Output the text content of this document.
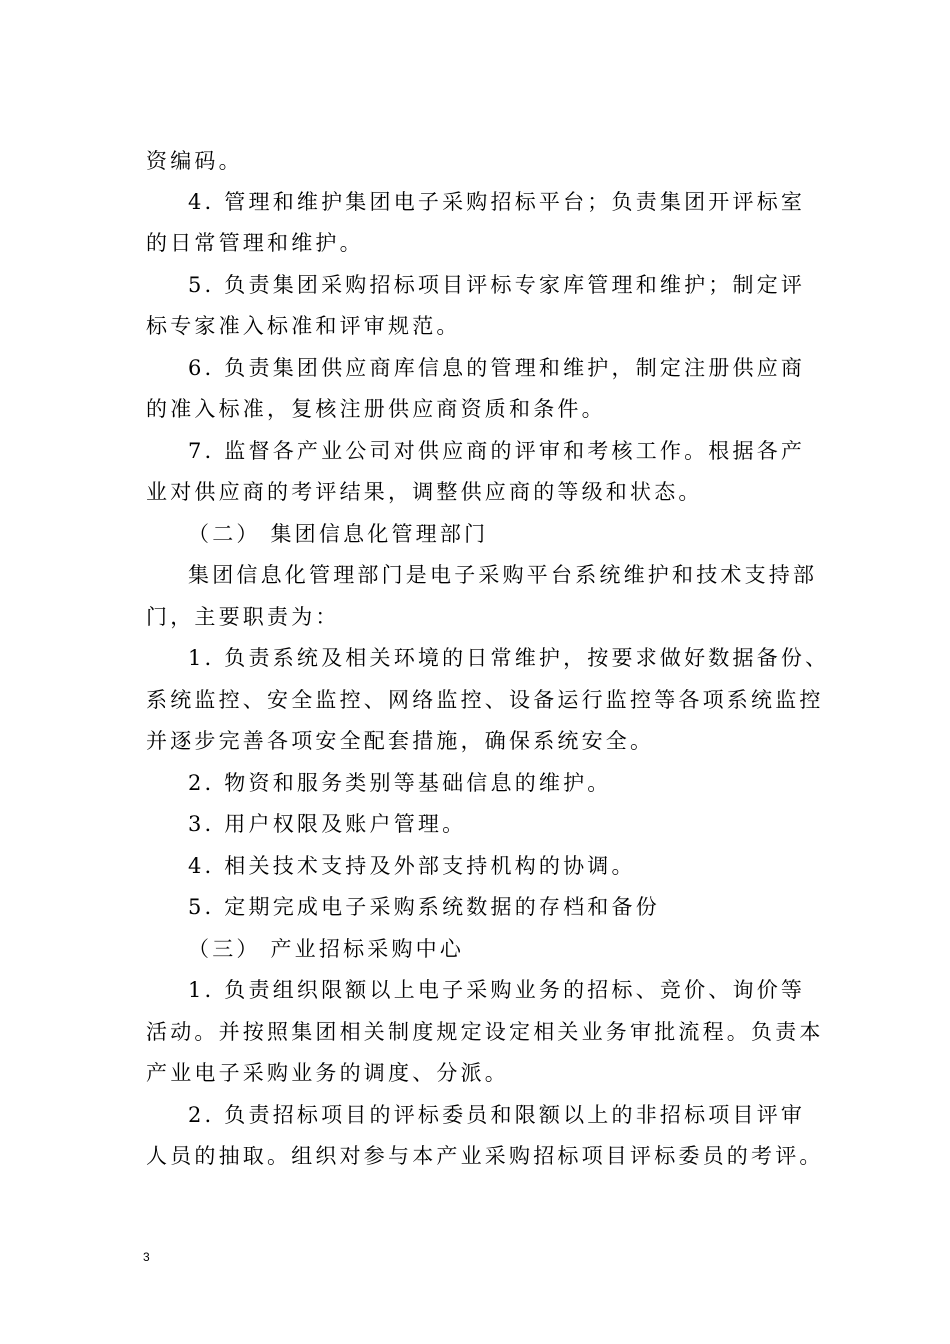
资编码。

4. 管理和维护集团电子采购招标平台；负责集团开评标室

的日常管理和维护。

5. 负责集团采购招标项目评标专家库管理和维护；制定评

标专家准入标准和评审规范。

6. 负责集团供应商库信息的管理和维护，制定注册供应商

的准入标准，复核注册供应商资质和条件。

7. 监督各产业公司对供应商的评审和考核工作。根据各产

业对供应商的考评结果，调整供应商的等级和状态。

（二） 集团信息化管理部门

集团信息化管理部门是电子采购平台系统维护和技术支持部

门，主要职责为：

1. 负责系统及相关环境的日常维护，按要求做好数据备份、

系统监控、安全监控、网络监控、设备运行监控等各项系统监控

并逐步完善各项安全配套措施，确保系统安全。

2. 物资和服务类别等基础信息的维护。

3. 用户权限及账户管理。

4. 相关技术支持及外部支持机构的协调。

5. 定期完成电子采购系统数据的存档和备份

（三） 产业招标采购中心

1. 负责组织限额以上电子采购业务的招标、竞价、询价等

活动。并按照集团相关制度规定设定相关业务审批流程。负责本

产业电子采购业务的调度、分派。

2. 负责招标项目的评标委员和限额以上的非招标项目评审

人员的抽取。组织对参与本产业采购招标项目评标委员的考评。

3
